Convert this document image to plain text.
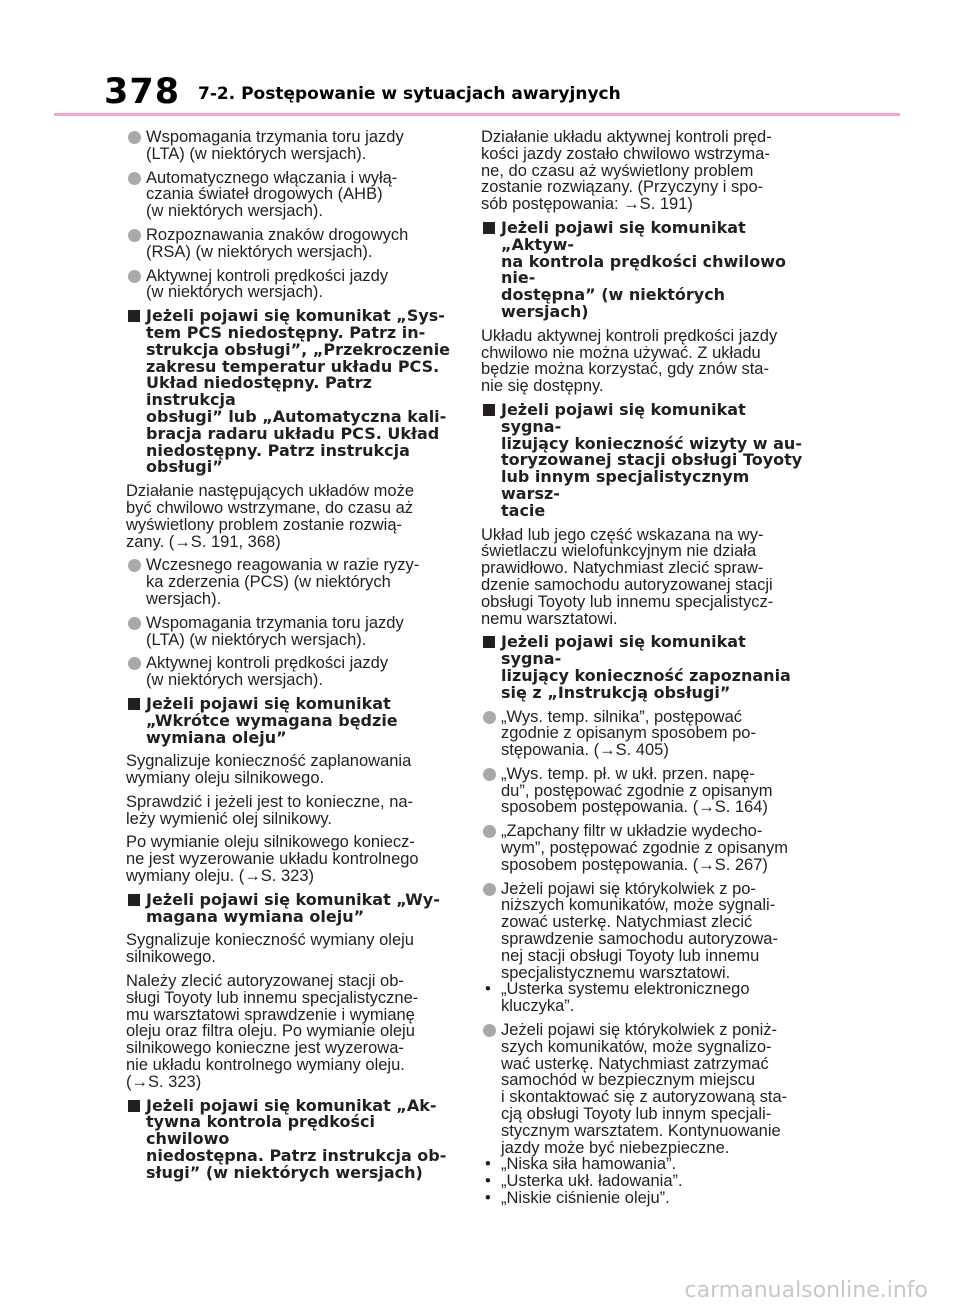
378 7-2. Postępowanie w sytuacjach awaryjnych
Wspomagania trzymania toru jazdy
(LTA) (w niektórych wersjach).
Automatycznego włączania i wyłą-
czania świateł drogowych (AHB)
(w niektórych wersjach).
Rozpoznawania znaków drogowych
(RSA) (w niektórych wersjach).
Aktywnej kontroli prędkości jazdy
(w niektórych wersjach).
Jeżeli pojawi się komunikat „Sys-
tem PCS niedostępny. Patrz in-
strukcja obsługi”, „Przekroczenie
zakresu temperatur układu PCS.
Układ niedostępny. Patrz instrukcja
obsługi” lub „Automatyczna kali-
bracja radaru układu PCS. Układ
niedostępny. Patrz instrukcja
obsługi”
Działanie następujących układów może
być chwilowo wstrzymane, do czasu aż
wyświetlony problem zostanie rozwią-
zany. (→S. 191, 368)
Wczesnego reagowania w razie ryzy-
ka zderzenia (PCS) (w niektórych
wersjach).
Wspomagania trzymania toru jazdy
(LTA) (w niektórych wersjach).
Aktywnej kontroli prędkości jazdy
(w niektórych wersjach).
Jeżeli pojawi się komunikat
„Wkrótce wymagana będzie
wymiana oleju”
Sygnalizuje konieczność zaplanowania
wymiany oleju silnikowego.
Sprawdzić i jeżeli jest to konieczne, na-
leży wymienić olej silnikowy.
Po wymianie oleju silnikowego koniecz-
ne jest wyzerowanie układu kontrolnego
wymiany oleju. (→S. 323)
Jeżeli pojawi się komunikat „Wy-
magana wymiana oleju”
Sygnalizuje konieczność wymiany oleju
silnikowego.
Należy zlecić autoryzowanej stacji ob-
sługi Toyoty lub innemu specjalistyczne-
mu warsztatowi sprawdzenie i wymianę
oleju oraz filtra oleju. Po wymianie oleju
silnikowego konieczne jest wyzerowa-
nie układu kontrolnego wymiany oleju.
(→S. 323)
Jeżeli pojawi się komunikat „Ak-
tywna kontrola prędkości chwilowo
niedostępna. Patrz instrukcja ob-
sługi” (w niektórych wersjach)
Działanie układu aktywnej kontroli pręd-
kości jazdy zostało chwilowo wstrzyma-
ne, do czasu aż wyświetlony problem
zostanie rozwiązany. (Przyczyny i spo-
sób postępowania: →S. 191)
Jeżeli pojawi się komunikat „Aktyw-
na kontrola prędkości chwilowo nie-
dostępna” (w niektórych wersjach)
Układu aktywnej kontroli prędkości jazdy
chwilowo nie można używać. Z układu
będzie można korzystać, gdy znów sta-
nie się dostępny.
Jeżeli pojawi się komunikat sygna-
lizujący konieczność wizyty w au-
toryzowanej stacji obsługi Toyoty
lub innym specjalistycznym warsz-
tacie
Układ lub jego część wskazana na wy-
świetlaczu wielofunkcyjnym nie działa
prawidłowo. Natychmiast zlecić spraw-
dzenie samochodu autoryzowanej stacji
obsługi Toyoty lub innemu specjalistycz-
nemu warsztatowi.
Jeżeli pojawi się komunikat sygna-
lizujący konieczność zapoznania
się z „Instrukcją obsługi”
„Wys. temp. silnika”, postępować
zgodnie z opisanym sposobem po-
stępowania. (→S. 405)
„Wys. temp. pł. w ukł. przen. napę-
du”, postępować zgodnie z opisanym
sposobem postępowania. (→S. 164)
„Zapchany filtr w układzie wydecho-
wym”, postępować zgodnie z opisanym
sposobem postępowania. (→S. 267)
Jeżeli pojawi się którykolwiek z po-
niższych komunikatów, może sygnali-
zować usterkę. Natychmiast zlecić
sprawdzenie samochodu autoryzowa-
nej stacji obsługi Toyoty lub innemu
specjalistycznemu warsztatowi.
• „Usterka systemu elektronicznego
kluczyka”.
Jeżeli pojawi się którykolwiek z poniż-
szych komunikatów, może sygnalizo-
wać usterkę. Natychmiast zatrzymać
samochód w bezpiecznym miejscu
i skontaktować się z autoryzowaną sta-
cją obsługi Toyoty lub innym specjali-
stycznym warsztatem. Kontynuowanie
jazdy może być niebezpieczne.
• „Niska siła hamowania”.
• „Usterka ukł. ładowania”.
• „Niskie ciśnienie oleju”.
carmanualsonline.info
